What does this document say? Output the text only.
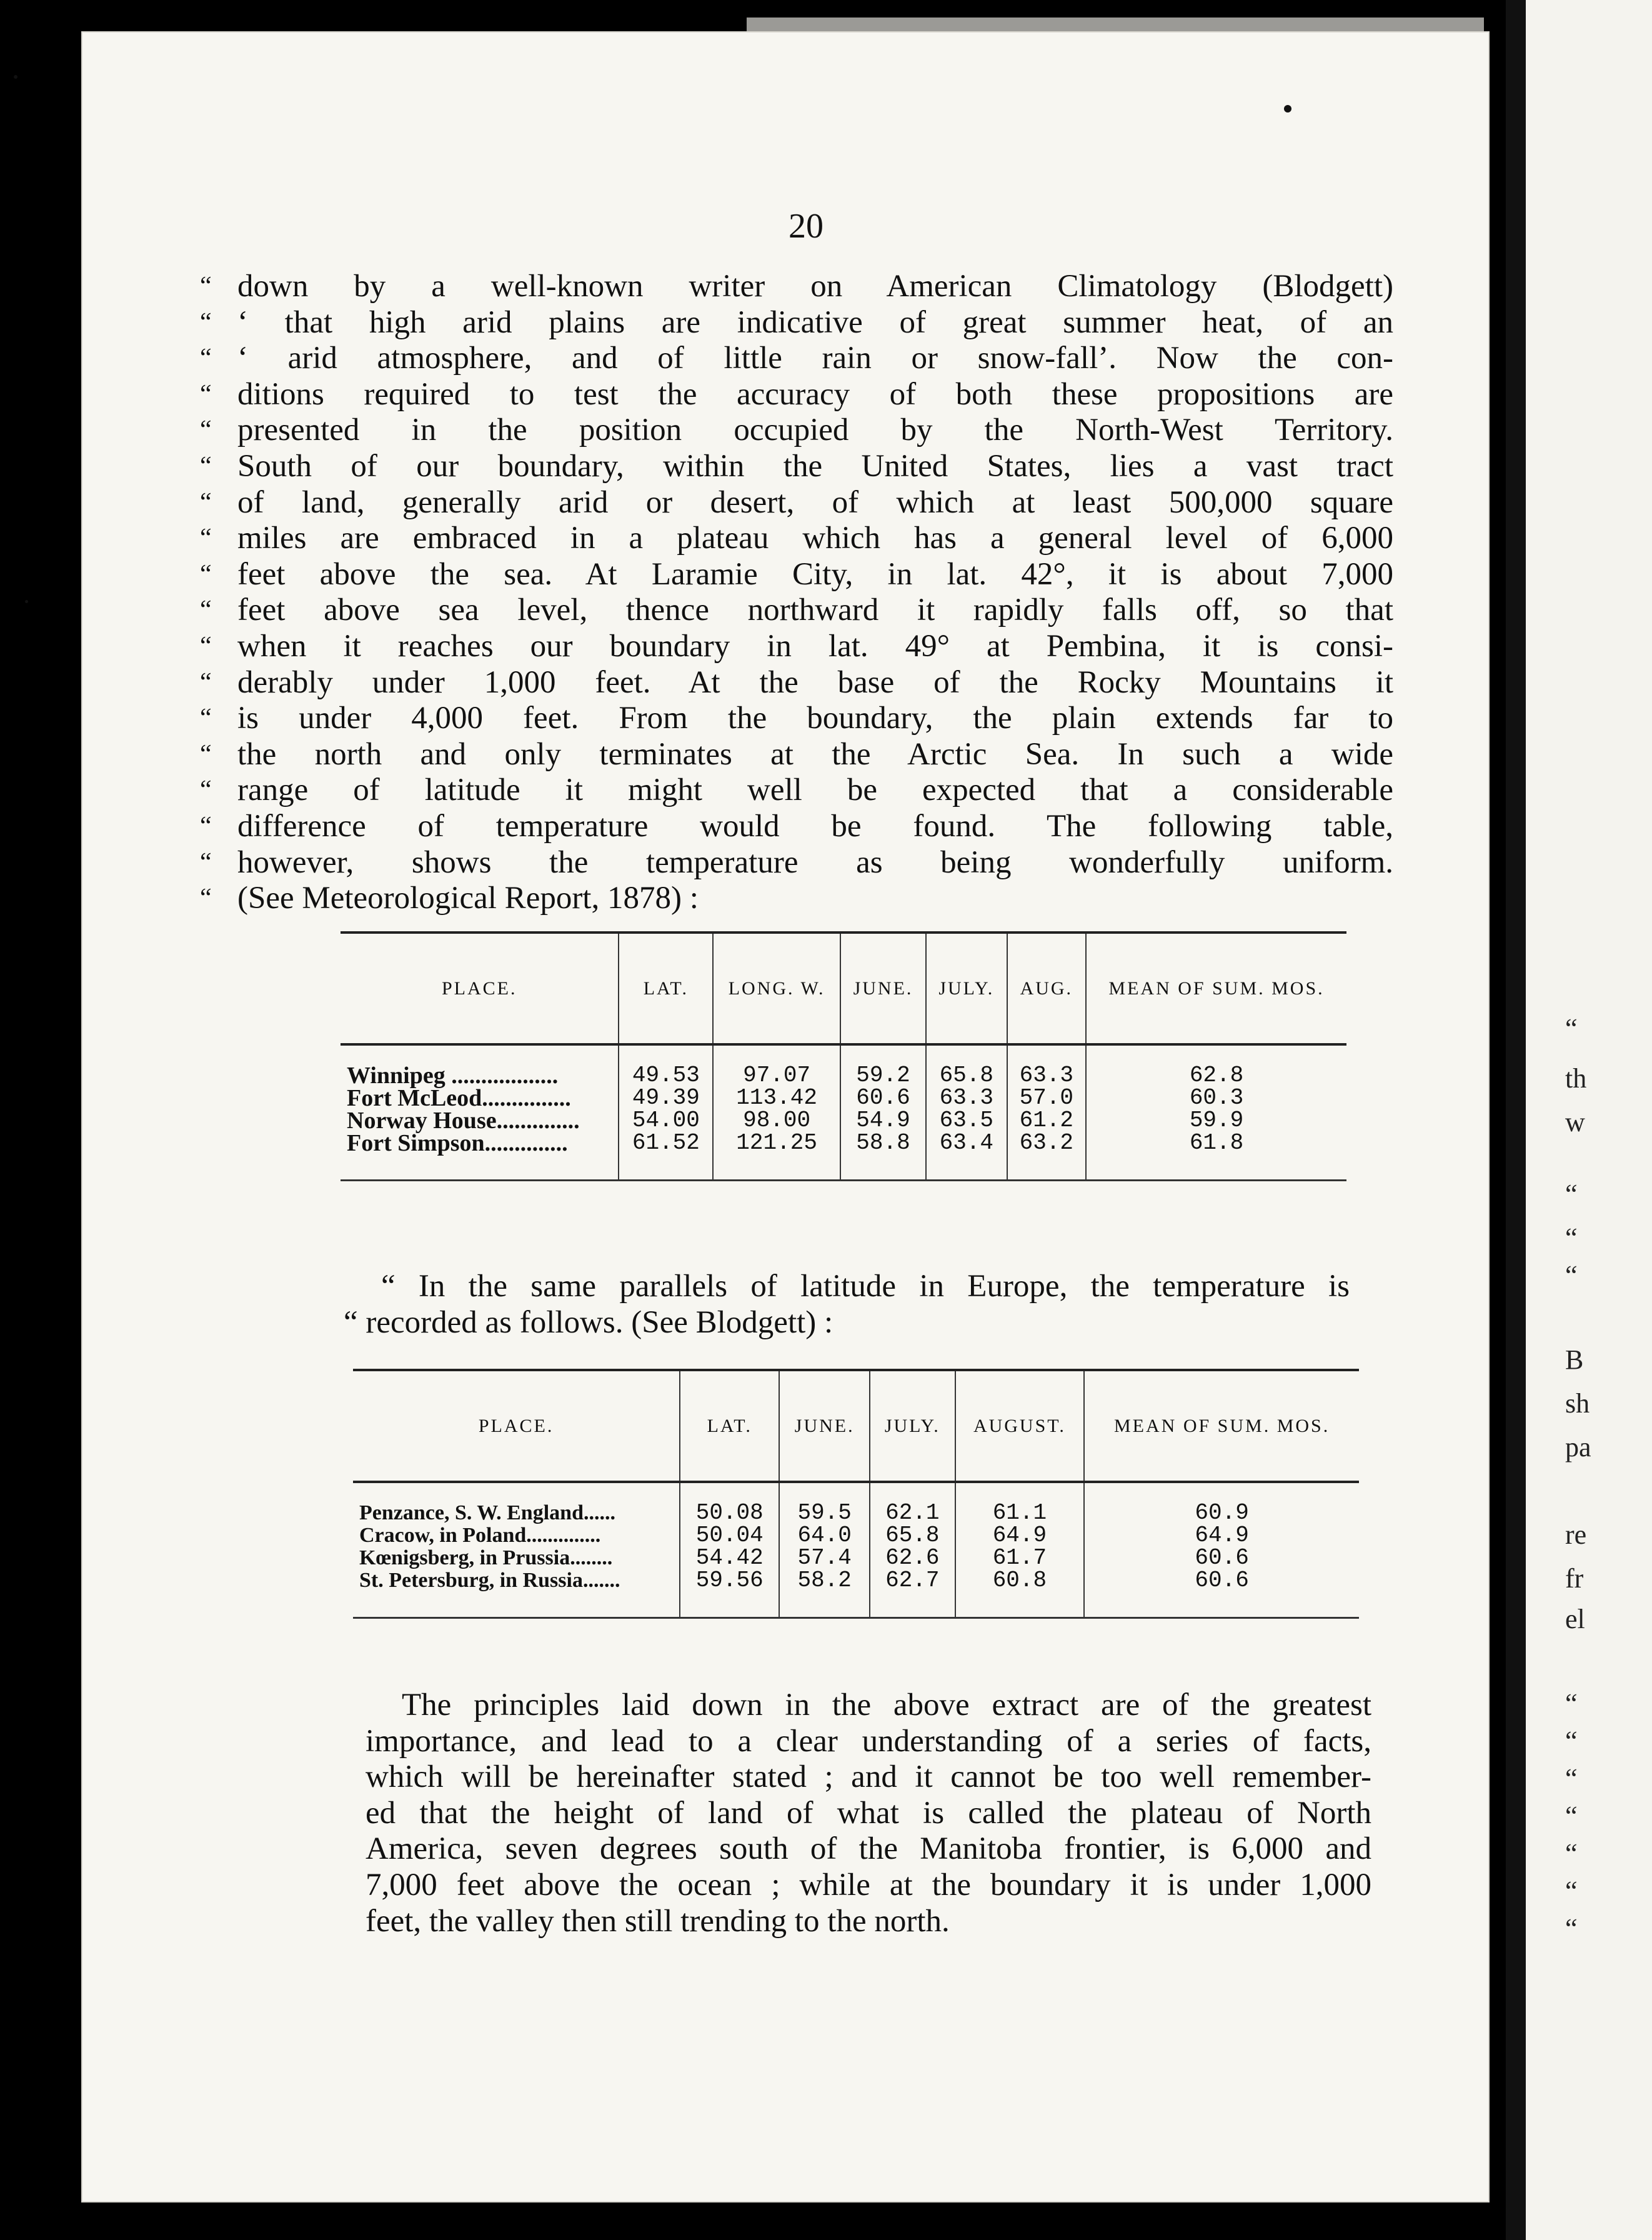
20
“ down by a well-known writer on American Climatology (Blodgett)
“ ‘ that high arid plains are indicative of great summer heat, of an
“ ‘ arid atmosphere, and of little rain or snow-fall’. Now the con-
“ ditions required to test the accuracy of both these propositions are
“ presented in the position occupied by the North-West Territory.
“ South of our boundary, within the United States, lies a vast tract
“ of land, generally arid or desert, of which at least 500,000 square
“ miles are embraced in a plateau which has a general level of 6,000
“ feet above the sea. At Laramie City, in lat. 42°, it is about 7,000
“ feet above sea level, thence northward it rapidly falls off, so that
“ when it reaches our boundary in lat. 49° at Pembina, it is consi-
“ derably under 1,000 feet. At the base of the Rocky Mountains it
“ is under 4,000 feet. From the boundary, the plain extends far to
“ the north and only terminates at the Arctic Sea. In such a wide
“ range of latitude it might well be expected that a considerable
“ difference of temperature would be found. The following table,
“ however, shows the temperature as being wonderfully uniform.
“ (See Meteorological Report, 1878) :

PLACE.	LAT.	LONG. W.	JUNE.	JULY.	AUG.	MEAN OF SUM. MOS.

Winnipeg ..................	49.53	97.07	59.2	65.8	63.3	62.8
Fort McLeod...............	49.39	113.42	60.6	63.3	57.0	60.3
Norway House..............	54.00	98.00	54.9	63.5	61.2	59.9
Fort Simpson..............	61.52	121.25	58.8	63.4	63.2	61.8

“ In the same parallels of latitude in Europe, the temperature is
“ recorded as follows. (See Blodgett) :

PLACE.	LAT.	JUNE.	JULY.	AUGUST.	MEAN OF SUM. MOS.

Penzance, S. W. England......	50.08	59.5	62.1	61.1	60.9
Cracow, in Poland..............	50.04	64.0	65.8	64.9	64.9
Kœnigsberg, in Prussia........	54.42	57.4	62.6	61.7	60.6
St. Petersburg, in Russia.......	59.56	58.2	62.7	60.8	60.6

The principles laid down in the above extract are of the greatest
importance, and lead to a clear understanding of a series of facts,
which will be hereinafter stated ; and it cannot be too well remember-
ed that the height of land of what is called the plateau of North
America, seven degrees south of the Manitoba frontier, is 6,000 and
7,000 feet above the ocean ; while at the boundary it is under 1,000
feet, the valley then still trending to the north.
“
th
w
“
“
“
B
sh
pa
re
fr
el
“
“
“
“
“
“
“
